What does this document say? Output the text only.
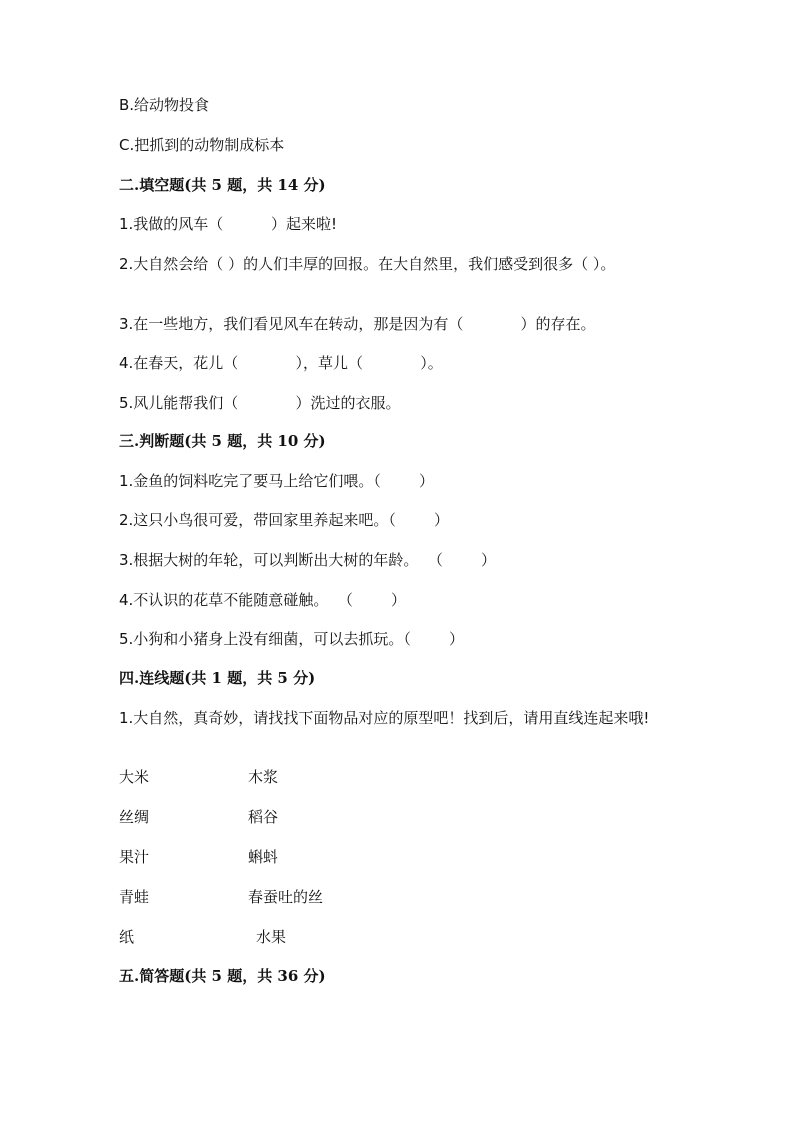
B.给动物投食
C.把抓到的动物制成标本
二.填空题(共 5 题，共 14 分)
1.我做的风车（          ）起来啦!
2.大自然会给（ ）的人们丰厚的回报。在大自然里，我们感受到很多（ ）。
3.在一些地方，我们看见风车在转动，那是因为有（            ）的存在。
4.在春天，花儿（            ），草儿（            ）。
5.风儿能帮我们（            ）洗过的衣服。
三.判断题(共 5 题，共 10 分)
1.金鱼的饲料吃完了要马上给它们喂。（        ）
2.这只小鸟很可爱，带回家里养起来吧。（        ）
3.根据大树的年轮，可以判断出大树的年龄。  （        ）
4.不认识的花草不能随意碰触。  （        ）
5.小狗和小猪身上没有细菌，可以去抓玩。（        ）
四.连线题(共 1 题，共 5 分)
1.大自然，真奇妙，请找找下面物品对应的原型吧！找到后，请用直线连起来哦!
大米	木浆
丝绸	稻谷
果汁	蝌蚪
青蛙	春蚕吐的丝
纸	水果
五.简答题(共 5 题，共 36 分)
